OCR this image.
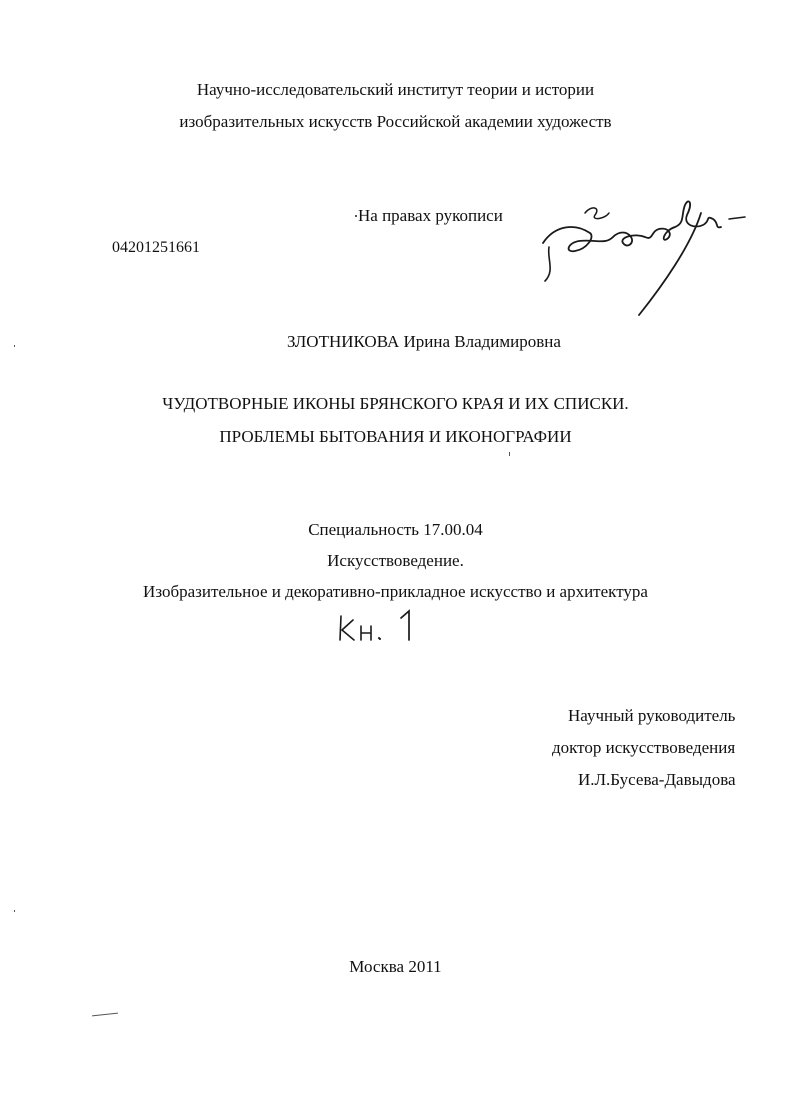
Научно-исследовательский институт теории и истории
изобразительных искусств Российской академии художеств
На правах рукописи
04201251661
ЗЛОТНИКОВА Ирина Владимировна
ЧУДОТВОРНЫЕ ИКОНЫ БРЯНСКОГО КРАЯ И ИХ СПИСКИ.
ПРОБЛЕМЫ БЫТОВАНИЯ И ИКОНОГРАФИИ
Специальность 17.00.04
Искусствоведение.
Изобразительное и декоративно-прикладное искусство и архитектура
Научный руководитель
доктор искусствоведения
И.Л.Бусева-Давыдова
Москва 2011
